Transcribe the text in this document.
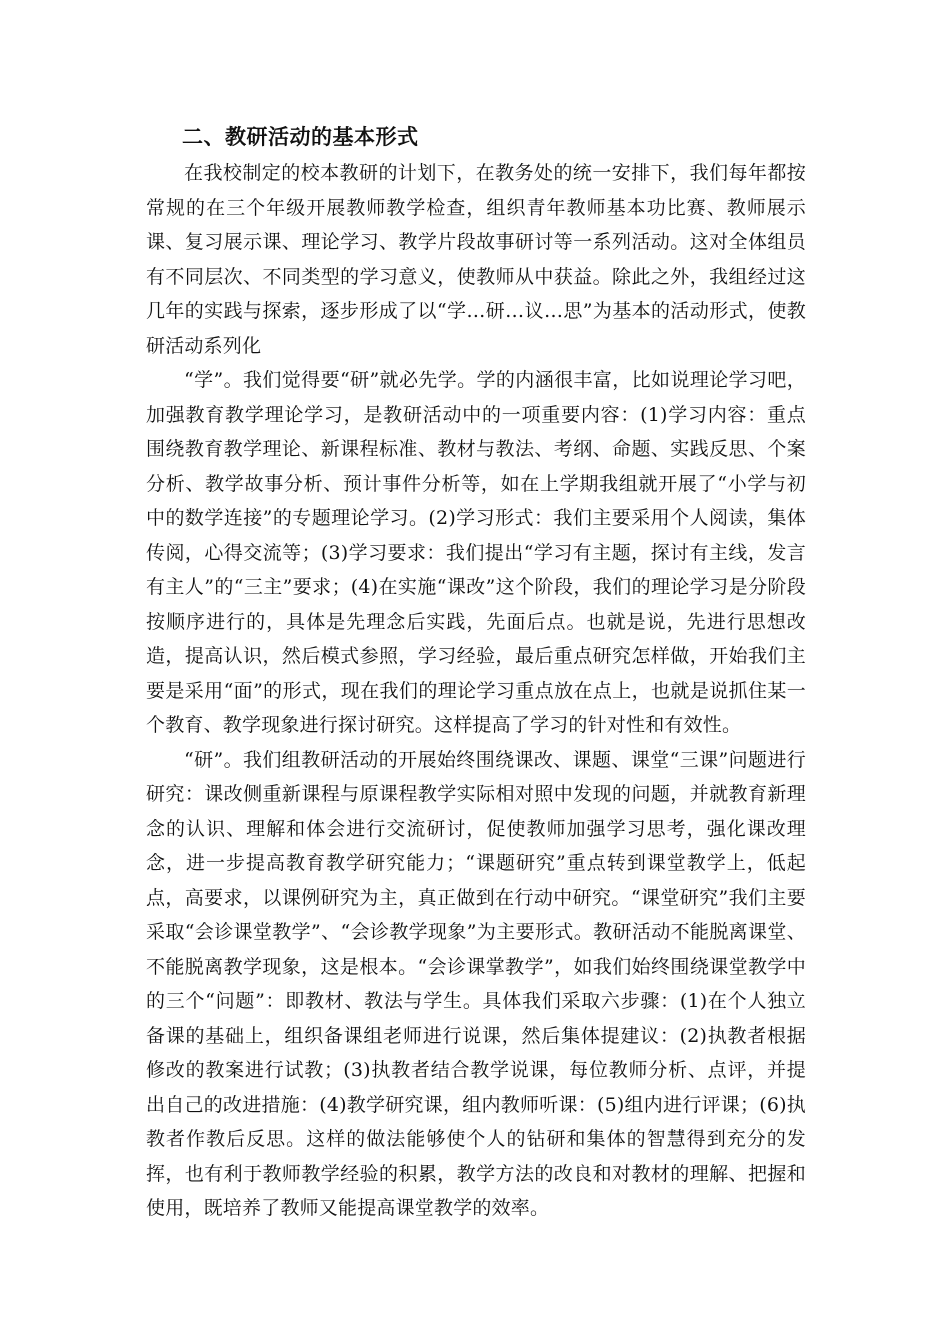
二、教研活动的基本形式

在我校制定的校本教研的计划下，在教务处的统一安排下，我们每年都按常规的在三个年级开展教师教学检查，组织青年教师基本功比赛、教师展示课、复习展示课、理论学习、教学片段故事研讨等一系列活动。这对全体组员有不同层次、不同类型的学习意义，使教师从中获益。除此之外，我组经过这几年的实践与探索，逐步形成了以“学…研…议…思”为基本的活动形式，使教研活动系列化

“学”。我们觉得要“研”就必先学。学的内涵很丰富，比如说理论学习吧，加强教育教学理论学习，是教研活动中的一项重要内容：(1)学习内容：重点围绕教育教学理论、新课程标准、教材与教法、考纲、命题、实践反思、个案分析、教学故事分析、预计事件分析等，如在上学期我组就开展了“小学与初中的数学连接”的专题理论学习。(2)学习形式：我们主要采用个人阅读，集体传阅，心得交流等；(3)学习要求：我们提出“学习有主题，探讨有主线，发言有主人”的“三主”要求；(4)在实施“课改”这个阶段，我们的理论学习是分阶段按顺序进行的，具体是先理念后实践，先面后点。也就是说，先进行思想改造，提高认识，然后模式参照，学习经验，最后重点研究怎样做，开始我们主要是采用“面”的形式，现在我们的理论学习重点放在点上，也就是说抓住某一个教育、教学现象进行探讨研究。这样提高了学习的针对性和有效性。

“研”。我们组教研活动的开展始终围绕课改、课题、课堂“三课”问题进行研究：课改侧重新课程与原课程教学实际相对照中发现的问题，并就教育新理念的认识、理解和体会进行交流研讨，促使教师加强学习思考，强化课改理念，进一步提高教育教学研究能力；“课题研究”重点转到课堂教学上，低起点，高要求，以课例研究为主，真正做到在行动中研究。“课堂研究”我们主要采取“会诊课堂教学”、“会诊教学现象”为主要形式。教研活动不能脱离课堂、不能脱离教学现象，这是根本。“会诊课掌教学”，如我们始终围绕课堂教学中的三个“问题”：即教材、教法与学生。具体我们采取六步骤：(1)在个人独立备课的基础上，组织备课组老师进行说课，然后集体提建议：(2)执教者根据修改的教案进行试教；(3)执教者结合教学说课，每位教师分析、点评，并提出自己的改进措施：(4)教学研究课，组内教师听课：(5)组内进行评课；(6)执教者作教后反思。这样的做法能够使个人的钻研和集体的智慧得到充分的发挥，也有利于教师教学经验的积累，教学方法的改良和对教材的理解、把握和使用，既培养了教师又能提高课堂教学的效率。
